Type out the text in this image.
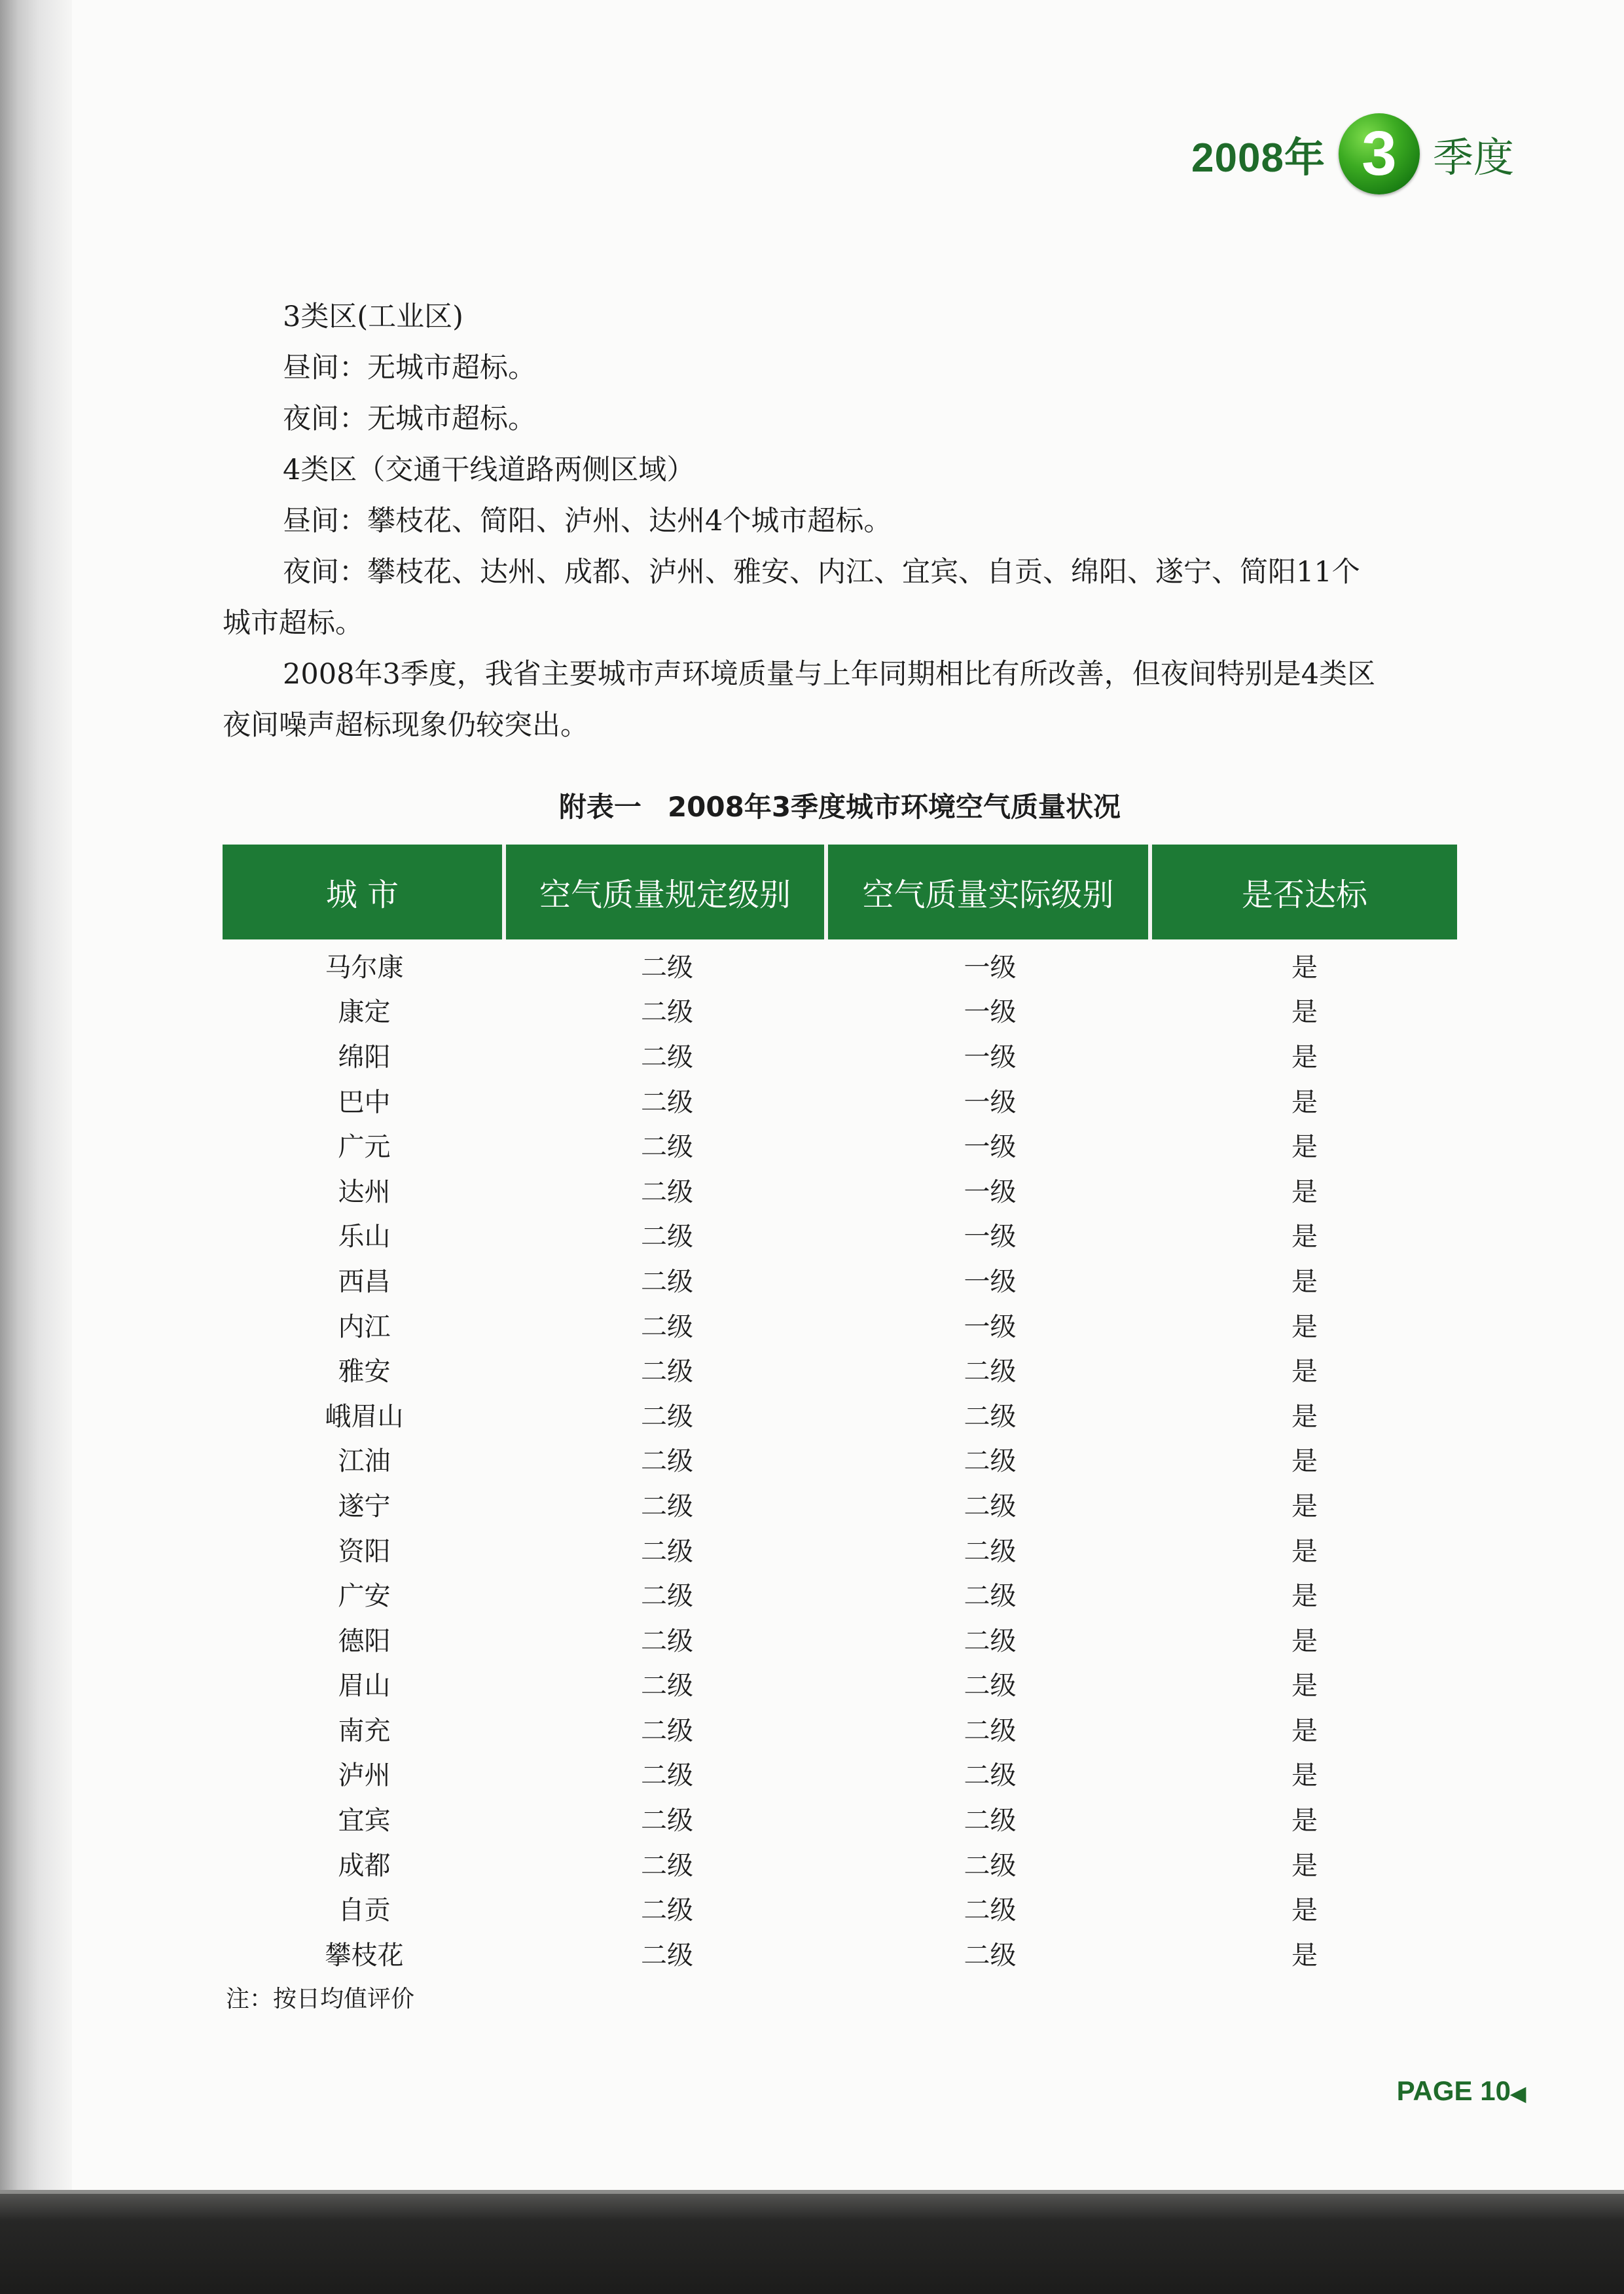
2008年 3 季度

3类区(工业区)

昼间：无城市超标。

夜间：无城市超标。

4类区（交通干线道路两侧区域）

昼间：攀枝花、简阳、泸州、达州4个城市超标。

夜间：攀枝花、达州、成都、泸州、雅安、内江、宜宾、自贡、绵阳、遂宁、简阳11个

城市超标。

2008年3季度，我省主要城市声环境质量与上年同期相比有所改善，但夜间特别是4类区

夜间噪声超标现象仍较突出。

附表一 2008年3季度城市环境空气质量状况
城 市	空气质量规定级别	空气质量实际级别	是否达标
马尔康	二级	一级	是
康定	二级	一级	是
绵阳	二级	一级	是
巴中	二级	一级	是
广元	二级	一级	是
达州	二级	一级	是
乐山	二级	一级	是
西昌	二级	一级	是
内江	二级	一级	是
雅安	二级	二级	是
峨眉山	二级	二级	是
江油	二级	二级	是
遂宁	二级	二级	是
资阳	二级	二级	是
广安	二级	二级	是
德阳	二级	二级	是
眉山	二级	二级	是
南充	二级	二级	是
泸州	二级	二级	是
宜宾	二级	二级	是
成都	二级	二级	是
自贡	二级	二级	是
攀枝花	二级	二级	是
注：按日均值评价
PAGE 10◀
